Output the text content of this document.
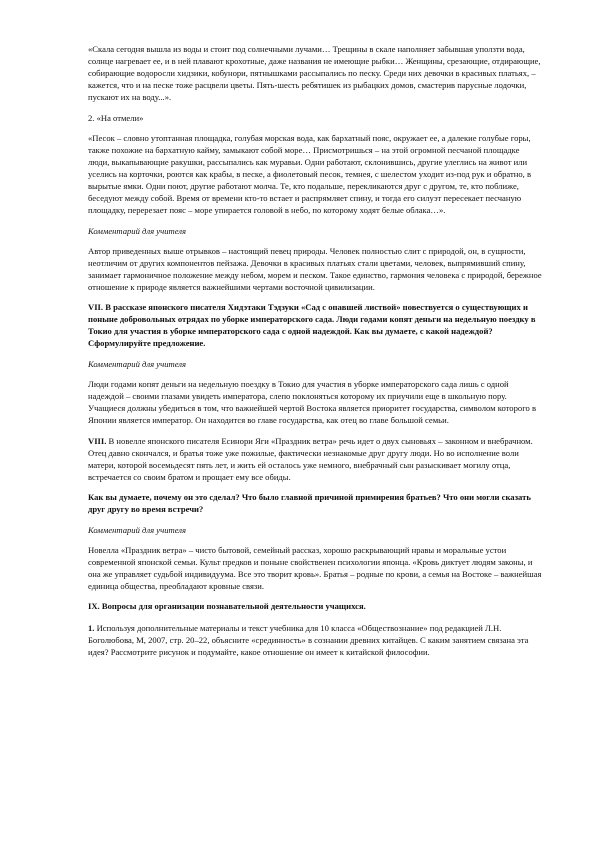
«Скала сегодня вышла из воды и стоит под солнечными лучами… Трещины в скале наполняет забывшая уползти вода, солнце нагревает ее, и в ней плавают крохотные, даже названия не имеющие рыбки… Женщины, срезающие, отдирающие, собирающие водоросли хидзики, кобунори, пятнышками рассыпались по песку. Среди них девочки в красивых платьях, – кажется, что и на песке тоже расцвели цветы. Пять-шесть ребятишек из рыбацких домов, смастерив парусные лодочки, пускают их на воду...».

2. «На отмели»

«Песок – словно утоптанная площадка, голубая морская вода, как бархатный пояс, окружает ее, а далекие голубые горы, также похожие на бархатную кайму, замыкают собой море… Присмотришься – на этой огромной песчаной площадке люди, выкапывающие ракушки, рассыпались как муравьи. Одни работают, склонившись, другие улеглись на живот или уселись на корточки, роются как крабы, в песке, а фиолетовый песок, темнея, с шелестом уходит из-под рук и обратно, в вырытые ямки. Одни поют, другие работают молча. Те, кто подальше, перекликаются друг с другом, те, кто поближе, беседуют между собой. Время от времени кто-то встает и распрямляет спину, и тогда его силуэт пересекает песчаную площадку, перерезает пояс – море упирается головой в небо, по которому ходят белые облака…».

Комментарий для учителя

Автор приведенных выше отрывков – настоящий певец природы. Человек полностью слит с природой, он, в сущности, неотличим от других компонентов пейзажа. Девочки в красивых платьях стали цветами, человек, выпрямивший спину, занимает гармоничное положение между небом, морем и песком. Такое единство, гармония человека с природой, бережное отношение к природе является важнейшими чертами восточной цивилизации.

VII. В рассказе японского писателя Хидэтаки Тэдзуки «Сад с опавшей листвой» повествуется о существующих и поныне добровольных отрядах по уборке императорского сада. Люди годами копят деньги на недельную поездку в Токио для участия в уборке императорского сада с одной надеждой. Как вы думаете, с какой надеждой? Сформулируйте предложение.

Комментарий для учителя

Люди годами копят деньги на недельную поездку в Токио для участия в уборке императорского сада лишь с одной надеждой – своими глазами увидеть императора, слепо поклоняться которому их приучили еще в школьную пору. Учащиеся должны убедиться в том, что важнейшей чертой Востока является приоритет государства, символом которого в Японии является император. Он находится во главе государства, как отец во главе большой семьи.

VIII. В новелле японского писателя Есинори Яги «Праздник ветра» речь идет о двух сыновьях – законном и внебрачном. Отец давно скончался, и братья тоже уже пожилые, фактически незнакомые друг другу люди. Но во исполнение воли матери, которой восемьдесят пять лет, и жить ей осталось уже немного, внебрачный сын разыскивает могилу отца, встречается со своим братом и прощает ему все обиды.

Как вы думаете, почему он это сделал? Что было главной причиной примирения братьев? Что они могли сказать друг другу во время встречи?

Комментарий для учителя

Новелла «Праздник ветра» – чисто бытовой, семейный рассказ, хорошо раскрывающий нравы и моральные устои современной японской семьи. Культ предков и поныне свойственен психологии японца. «Кровь диктует людям законы, и она же управляет судьбой индивидуума. Все это творит кровь». Братья – родные по крови, а семья на Востоке – важнейшая единица общества, преобладают кровные связи.

IX. Вопросы для организации познавательной деятельности учащихся.

1. Используя дополнительные материалы и текст учебника для 10 класса «Обществознание» под редакцией Л.Н. Боголюбова, М, 2007, стр. 20–22, объясните «срединность» в сознании древних китайцев. С каким занятием связана эта идея? Рассмотрите рисунок и подумайте, какое отношение он имеет к китайской философии.
